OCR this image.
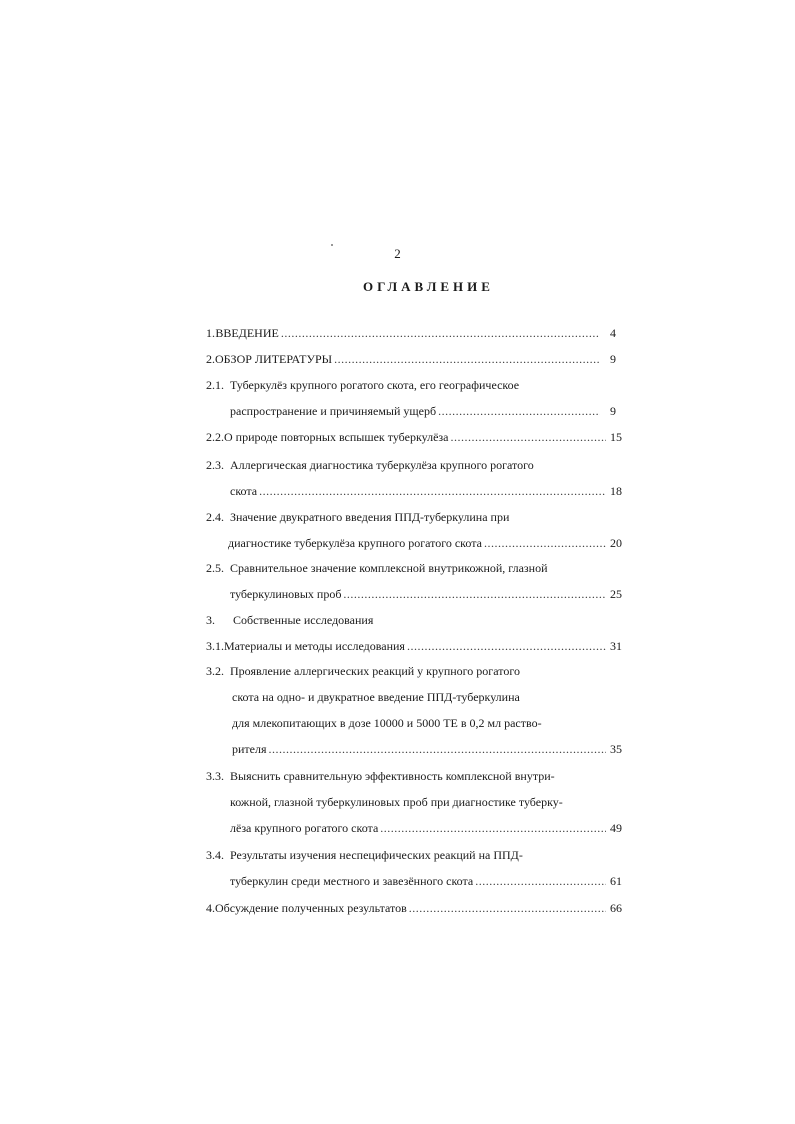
2
ОГЛАВЛЕНИЕ
1. ВВЕДЕНИЕ .....	4
2. ОБЗОР ЛИТЕРАТУРЫ .....	9
2.1. Туберкулёз крупного рогатого скота, его географическое
распространение и причиняемый ущерб .....	9
2.2. О природе повторных вспышек туберкулёза .....	15
2.3. Аллергическая диагностика туберкулёза крупного рогатого
скота .....	18
2.4. Значение двукратного введения ППД-туберкулина при
диагностике туберкулёза крупного рогатого скота .....	20
2.5. Сравнительное значение комплексной внутрикожной, глазной
туберкулиновых проб .....	25
3.	Собственные исследования
3.1. Материалы и методы исследования .....	31
3.2. Проявление аллергических реакций у крупного рогатого
скота на одно- и двукратное введение ППД-туберкулина
для млекопитающих в дозе 10000 и 5000 ТЕ в 0,2 мл раство-
рителя .....	35
3.3. Выяснить сравнительную эффективность комплексной внутри-
кожной, глазной туберкулиновых проб при диагностике туберку-
лёза крупного рогатого скота .....	49
3.4. Результаты изучения неспецифических реакций на ППД-
туберкулин среди местного и завезённого скота .....	61
4. Обсуждение полученных результатов .....	66
